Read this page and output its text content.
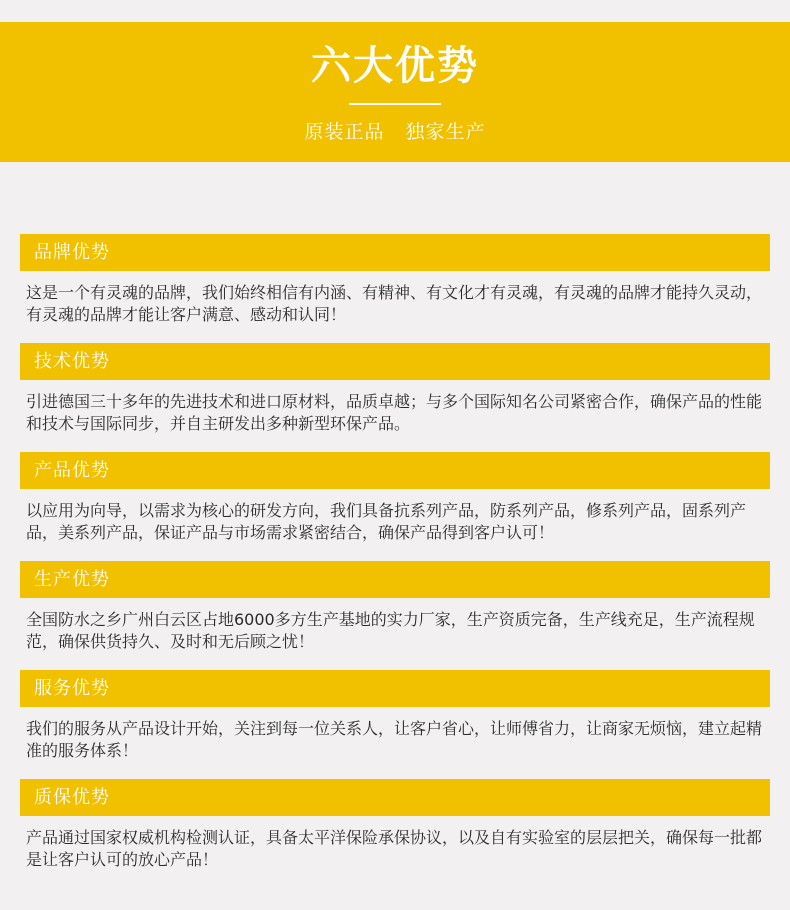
六大优势
原装正品   独家生产
品牌优势
这是一个有灵魂的品牌，我们始终相信有内涵、有精神、有文化才有灵魂，有灵魂的品牌才能持久灵动，有灵魂的品牌才能让客户满意、感动和认同！
技术优势
引进德国三十多年的先进技术和进口原材料，品质卓越；与多个国际知名公司紧密合作，确保产品的性能和技术与国际同步，并自主研发出多种新型环保产品。
产品优势
以应用为向导，以需求为核心的研发方向，我们具备抗系列产品，防系列产品，修系列产品，固系列产品，美系列产品，保证产品与市场需求紧密结合，确保产品得到客户认可！
生产优势
全国防水之乡广州白云区占地6000多方生产基地的实力厂家，生产资质完备，生产线充足，生产流程规范，确保供货持久、及时和无后顾之忧！
服务优势
我们的服务从产品设计开始，关注到每一位关系人，让客户省心，让师傅省力，让商家无烦恼，建立起精准的服务体系！
质保优势
产品通过国家权威机构检测认证，具备太平洋保险承保协议，以及自有实验室的层层把关，确保每一批都是让客户认可的放心产品！
